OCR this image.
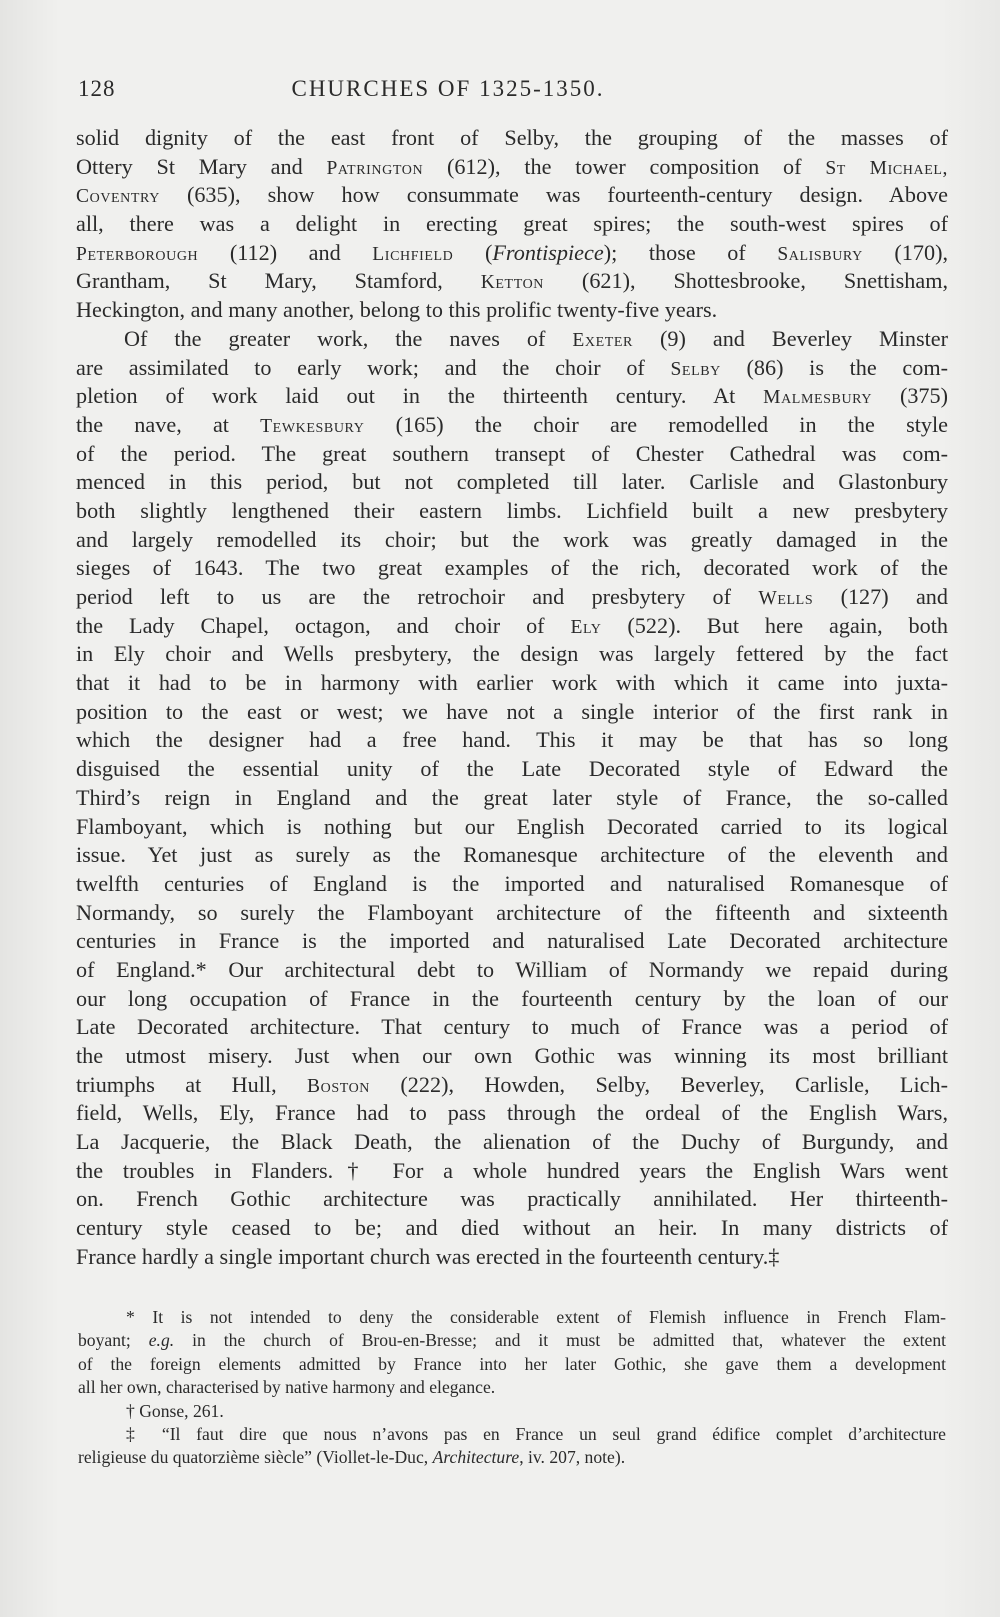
128	CHURCHES OF 1325-1350.
solid dignity of the east front of Selby, the grouping of the masses of
Ottery St Mary and Patrington (612), the tower composition of St Michael,
Coventry (635), show how consummate was fourteenth-century design. Above
all, there was a delight in erecting great spires; the south-west spires of
Peterborough (112) and Lichfield (Frontispiece); those of Salisbury (170),
Grantham, St Mary, Stamford, Ketton (621), Shottesbrooke, Snettisham,
Heckington, and many another, belong to this prolific twenty-five years.
Of the greater work, the naves of Exeter (9) and Beverley Minster
are assimilated to early work; and the choir of Selby (86) is the com-
pletion of work laid out in the thirteenth century. At Malmesbury (375)
the nave, at Tewkesbury (165) the choir are remodelled in the style
of the period. The great southern transept of Chester Cathedral was com-
menced in this period, but not completed till later. Carlisle and Glastonbury
both slightly lengthened their eastern limbs. Lichfield built a new presbytery
and largely remodelled its choir; but the work was greatly damaged in the
sieges of 1643. The two great examples of the rich, decorated work of the
period left to us are the retrochoir and presbytery of Wells (127) and
the Lady Chapel, octagon, and choir of Ely (522). But here again, both
in Ely choir and Wells presbytery, the design was largely fettered by the fact
that it had to be in harmony with earlier work with which it came into juxta-
position to the east or west; we have not a single interior of the first rank in
which the designer had a free hand. This it may be that has so long
disguised the essential unity of the Late Decorated style of Edward the
Third’s reign in England and the great later style of France, the so-called
Flamboyant, which is nothing but our English Decorated carried to its logical
issue. Yet just as surely as the Romanesque architecture of the eleventh and
twelfth centuries of England is the imported and naturalised Romanesque of
Normandy, so surely the Flamboyant architecture of the fifteenth and sixteenth
centuries in France is the imported and naturalised Late Decorated architecture
of England.* Our architectural debt to William of Normandy we repaid during
our long occupation of France in the fourteenth century by the loan of our
Late Decorated architecture. That century to much of France was a period of
the utmost misery. Just when our own Gothic was winning its most brilliant
triumphs at Hull, Boston (222), Howden, Selby, Beverley, Carlisle, Lich-
field, Wells, Ely, France had to pass through the ordeal of the English Wars,
La Jacquerie, the Black Death, the alienation of the Duchy of Burgundy, and
the troubles in Flanders.† For a whole hundred years the English Wars went
on. French Gothic architecture was practically annihilated. Her thirteenth-
century style ceased to be; and died without an heir. In many districts of
France hardly a single important church was erected in the fourteenth century.‡
* It is not intended to deny the considerable extent of Flemish influence in French Flam-
boyant; e.g. in the church of Brou-en-Bresse; and it must be admitted that, whatever the extent
of the foreign elements admitted by France into her later Gothic, she gave them a development
all her own, characterised by native harmony and elegance.
† Gonse, 261.
‡ “Il faut dire que nous n’avons pas en France un seul grand édifice complet d’architecture
religieuse du quatorzième siècle” (Viollet-le-Duc, Architecture, iv. 207, note).
